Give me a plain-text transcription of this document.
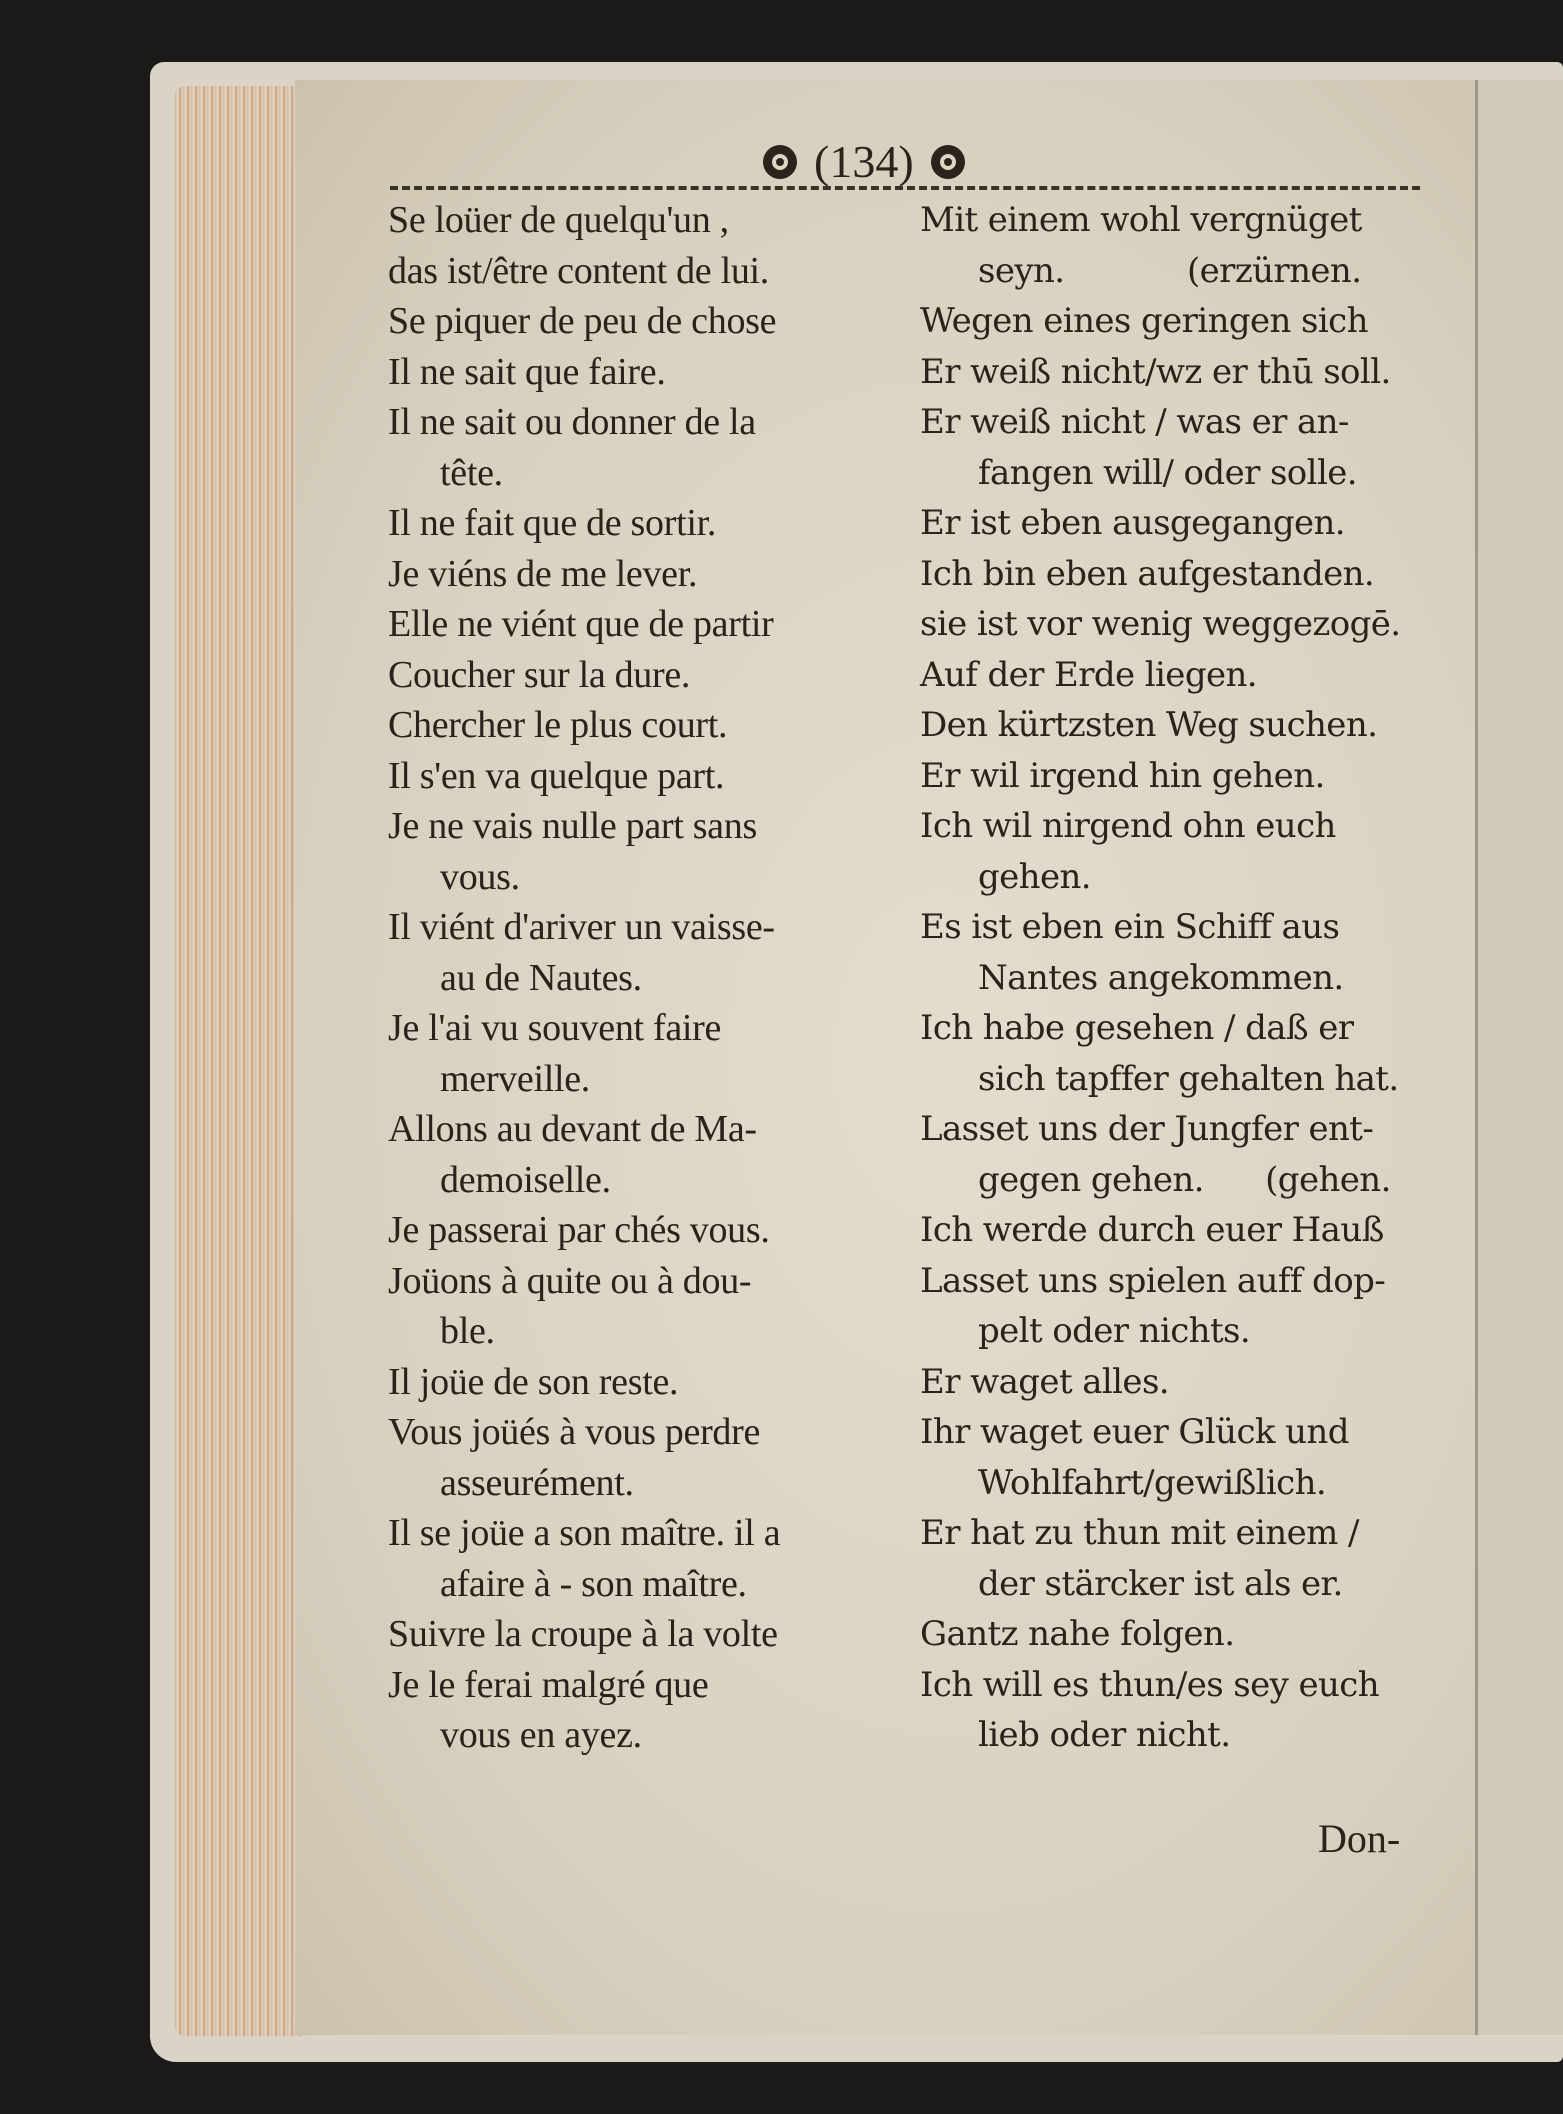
(134)
Se loüer de quelqu'un ,
das ist/être content de lui.
Se piquer de peu de chose
Il ne sait que faire.
Il ne sait ou donner de la
tête.
Il ne fait que de sortir.
Je viéns de me lever.
Elle ne viént que de partir
Coucher sur la dure.
Chercher le plus court.
Il s'en va quelque part.
Je ne vais nulle part sans
vous.
Il viént d'ariver un vaisse-
au de Nautes.
Je l'ai vu souvent faire
merveille.
Allons au devant de Ma-
demoiselle.
Je passerai par chés vous.
Joüons à quite ou à dou-
ble.
Il joüe de son reste.
Vous joüés à vous perdre
asseurément.
Il se joüe a son maître. il a
afaire à - son maître.
Suivre la croupe à la volte
Je le ferai malgré que
vous en ayez.
Mit einem wohl vergnüget
seyn.            (erzürnen.
Wegen eines geringen sich
Er weiß nicht/wz er thū soll.
Er weiß nicht / was er an-
fangen will/ oder solle.
Er ist eben ausgegangen.
Ich bin eben aufgestanden.
sie ist vor wenig weggezogē.
Auf der Erde liegen.
Den kürtzsten Weg suchen.
Er wil irgend hin gehen.
Ich wil nirgend ohn euch
gehen.
Es ist eben ein Schiff aus
Nantes angekommen.
Ich habe gesehen / daß er
sich tapffer gehalten hat.
Lasset uns der Jungfer ent-
gegen gehen.      (gehen.
Ich werde durch euer Hauß
Lasset uns spielen auff dop-
pelt oder nichts.
Er waget alles.
Ihr waget euer Glück und
Wohlfahrt/gewißlich.
Er hat zu thun mit einem /
der stärcker ist als er.
Gantz nahe folgen.
Ich will es thun/es sey euch
lieb oder nicht.
Don-
